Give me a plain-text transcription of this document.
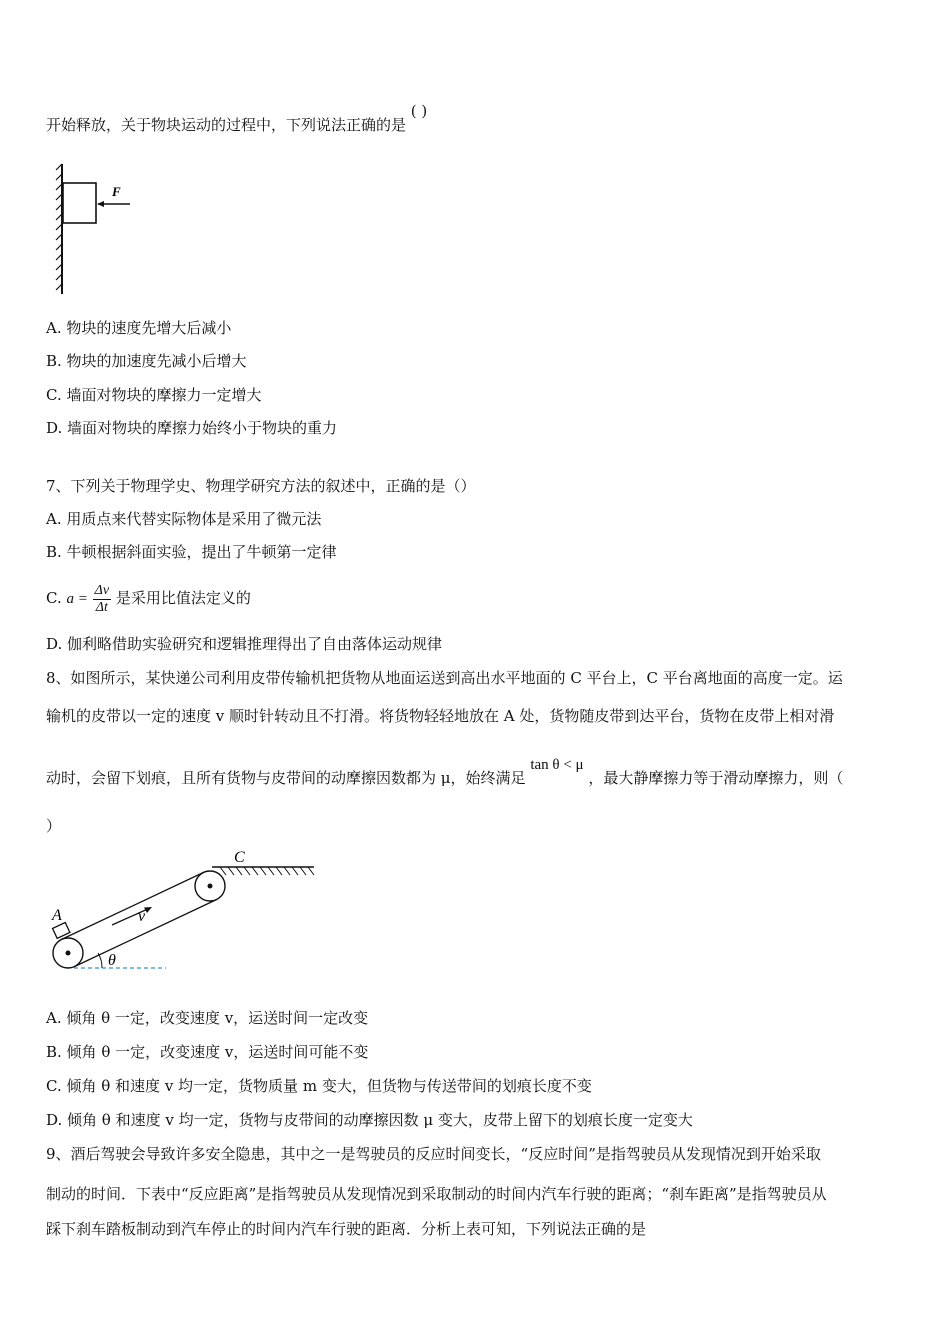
开始释放，关于物块运动的过程中，下列说法正确的是 ( )
F
A. 物块的速度先增大后减小
B. 物块的加速度先减小后增大
C. 墙面对物块的摩擦力一定增大
D. 墙面对物块的摩擦力始终小于物块的重力
7、下列关于物理学史、物理学研究方法的叙述中，正确的是（）
A. 用质点来代替实际物体是采用了微元法
B. 牛顿根据斜面实验，提出了牛顿第一定律
C. $a = \frac{\Delta v}{\Delta t}$ 是采用比值法定义的
D. 伽利略借助实验研究和逻辑推理得出了自由落体运动规律
8、如图所示，某快递公司利用皮带传输机把货物从地面运送到高出水平地面的 C 平台上，C 平台离地面的高度一定。运
输机的皮带以一定的速度 v 顺时针转动且不打滑。将货物轻轻地放在 A 处，货物随皮带到达平台，货物在皮带上相对滑
动时，会留下划痕，且所有货物与皮带间的动摩擦因数都为 μ，始终满足 tan θ < μ ，最大静摩擦力等于滑动摩擦力，则（
）
C
A	v
θ
A. 倾角 θ 一定，改变速度 v，运送时间一定改变
B. 倾角 θ 一定，改变速度 v，运送时间可能不变
C. 倾角 θ 和速度 v 均一定，货物质量 m 变大，但货物与传送带间的划痕长度不变
D. 倾角 θ 和速度 v 均一定，货物与皮带间的动摩擦因数 μ 变大，皮带上留下的划痕长度一定变大
9、酒后驾驶会导致许多安全隐患，其中之一是驾驶员的反应时间变长，“反应时间”是指驾驶员从发现情况到开始采取
制动的时间．下表中“反应距离”是指驾驶员从发现情况到采取制动的时间内汽车行驶的距离；“刹车距离”是指驾驶员从
踩下刹车踏板制动到汽车停止的时间内汽车行驶的距离．分析上表可知，下列说法正确的是
